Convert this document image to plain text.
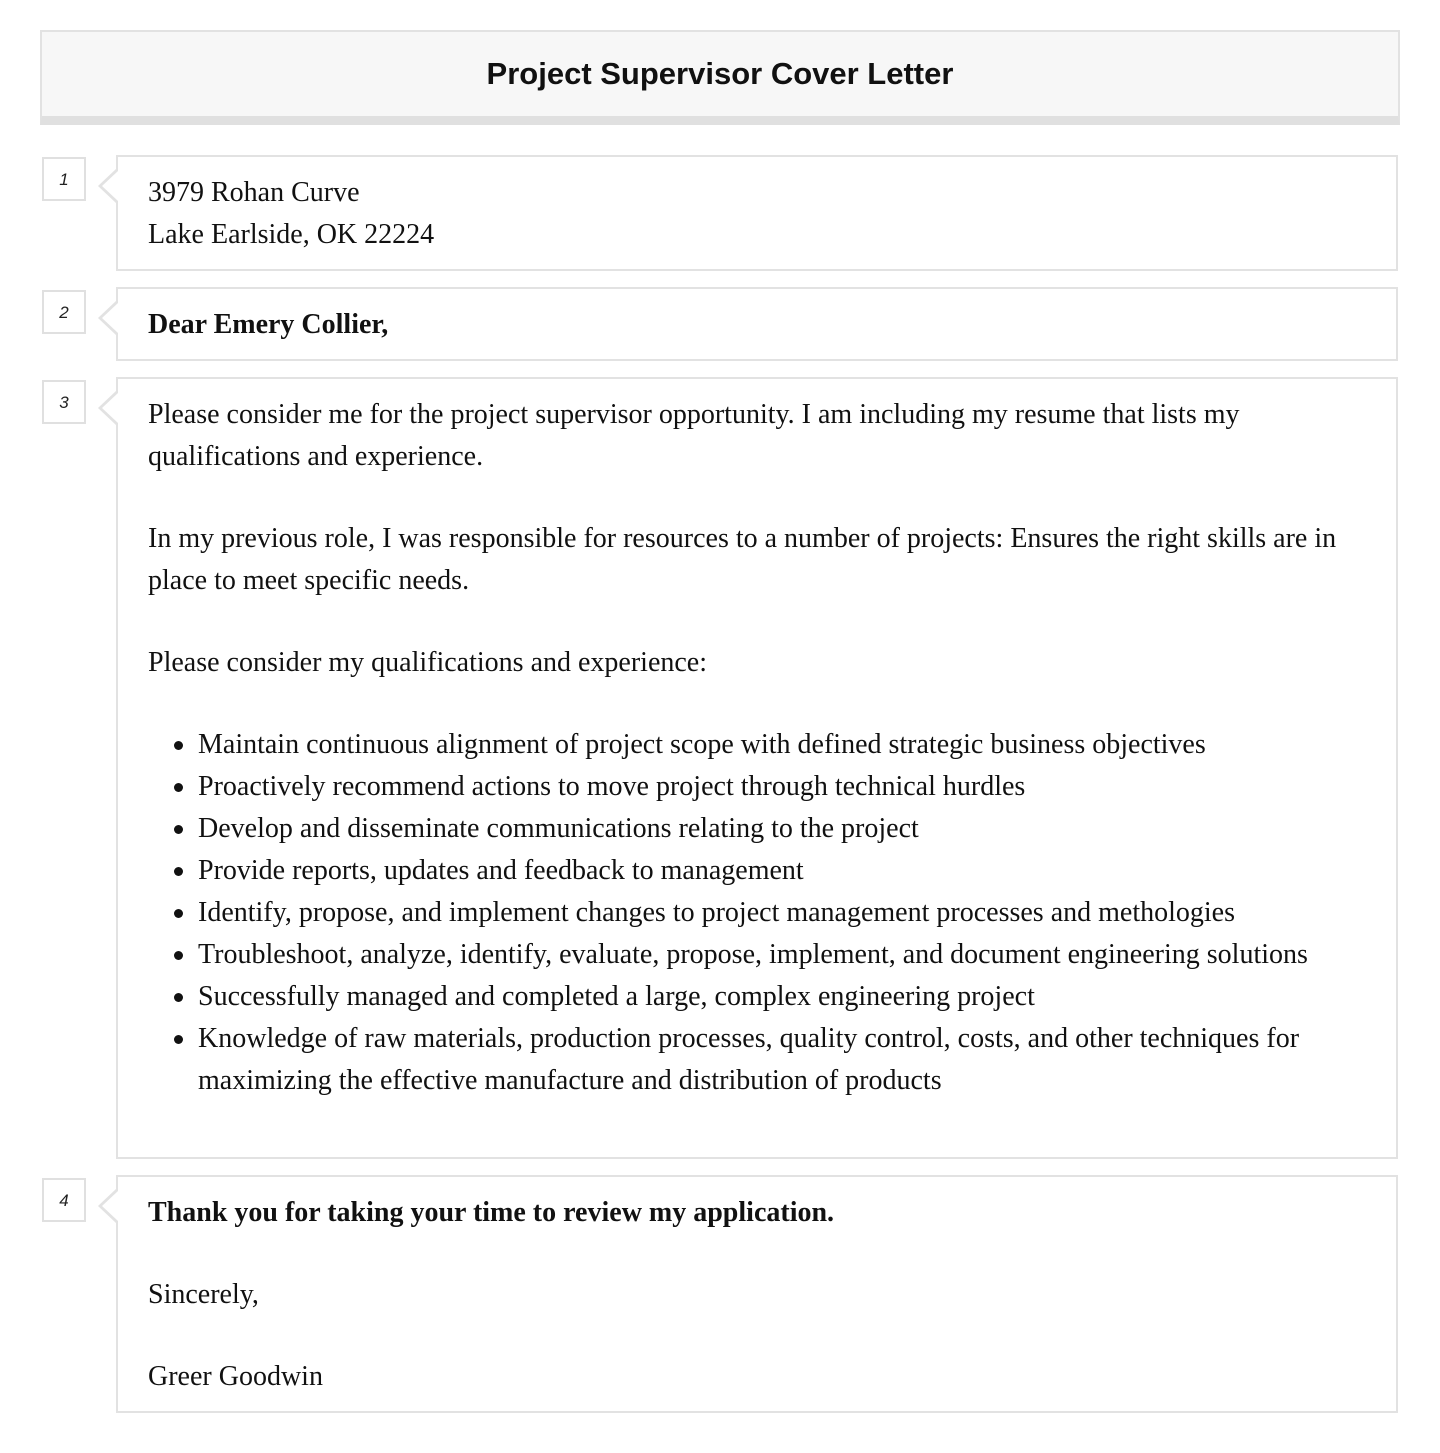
Project Supervisor Cover Letter
1	3979 Rohan Curve

Lake Earlside, OK 22224

2	Dear Emery Collier,

3	Please consider me for the project supervisor opportunity. I am including my resume that lists my qualifications and experience.

In my previous role, I was responsible for resources to a number of projects: Ensures the right skills are in place to meet specific needs.

Please consider my qualifications and experience:

Maintain continuous alignment of project scope with defined strategic business objectives
Proactively recommend actions to move project through technical hurdles
Develop and disseminate communications relating to the project
Provide reports, updates and feedback to management
Identify, propose, and implement changes to project management processes and methologies
Troubleshoot, analyze, identify, evaluate, propose, implement, and document engineering solutions
Successfully managed and completed a large, complex engineering project
Knowledge of raw materials, production processes, quality control, costs, and other techniques for maximizing the effective manufacture and distribution of products
4	Thank you for taking your time to review my application.

Sincerely,

Greer Goodwin
